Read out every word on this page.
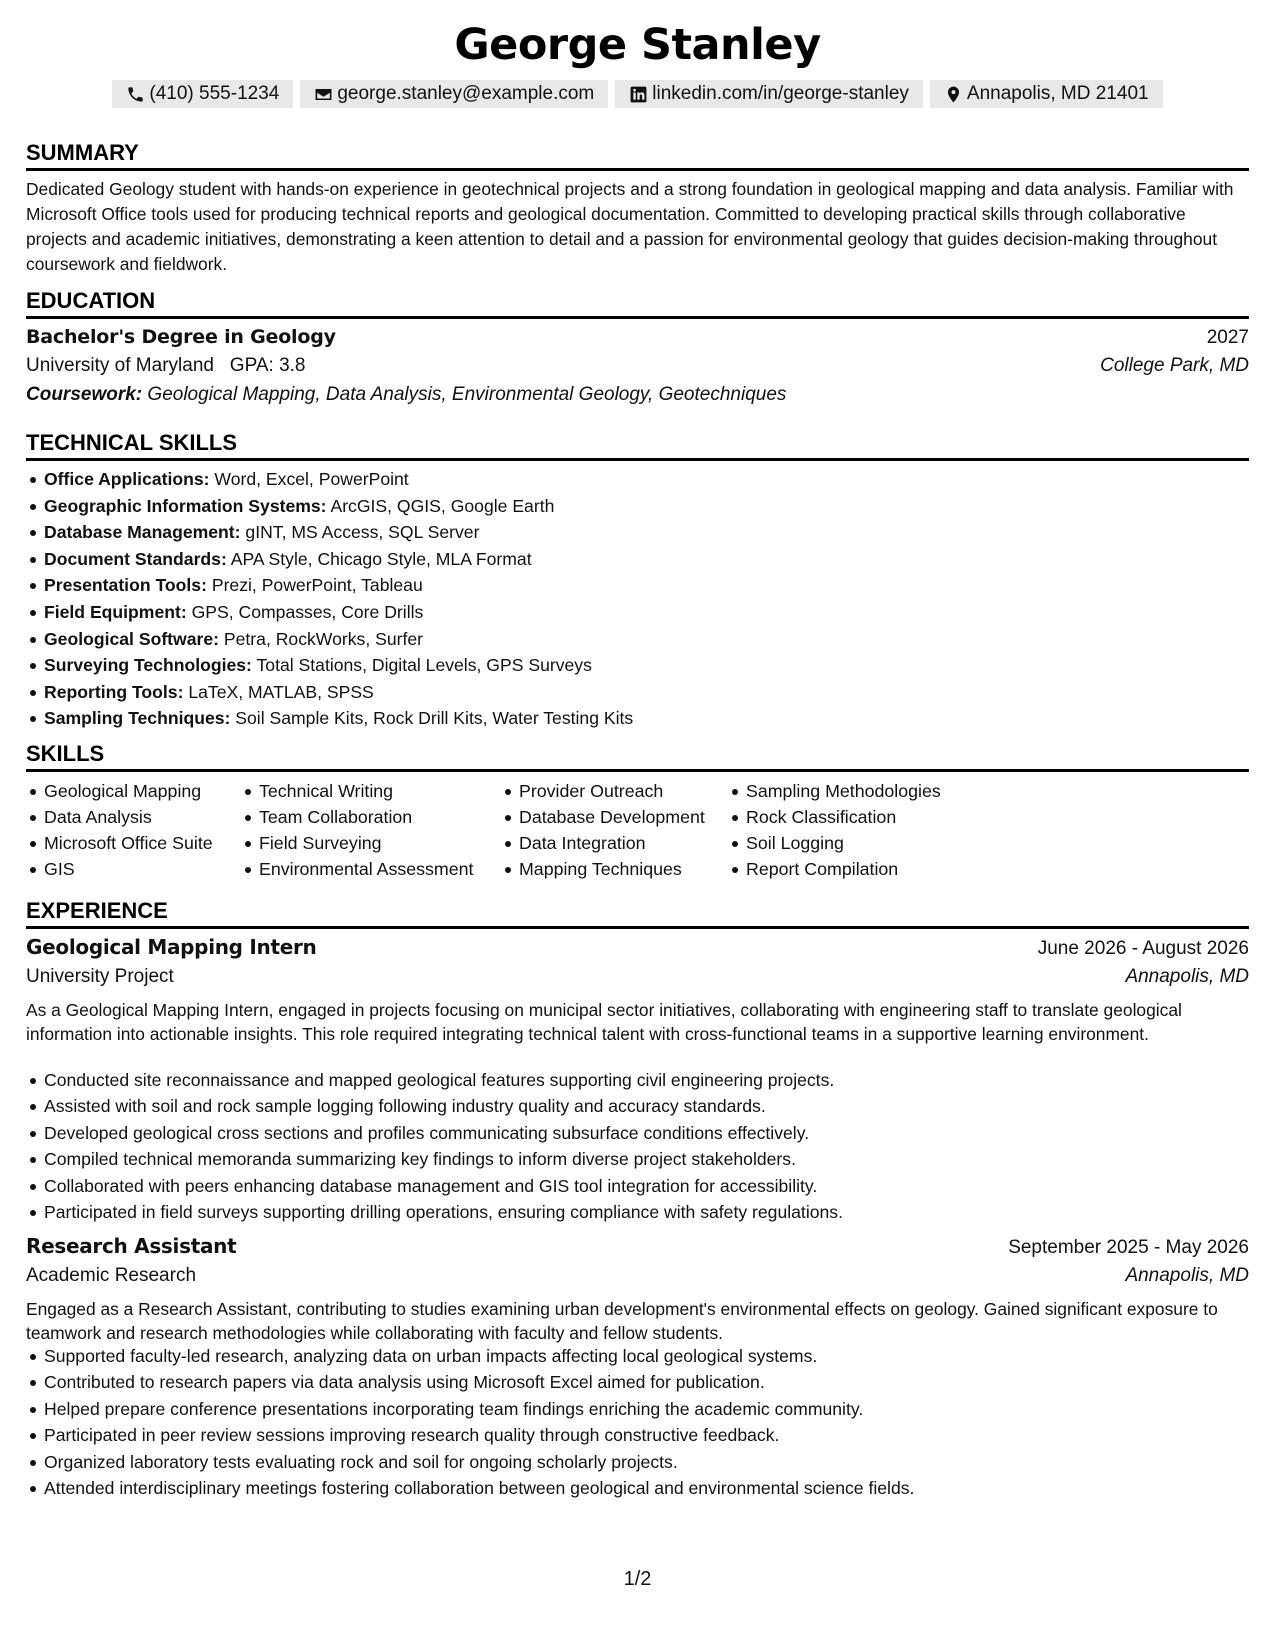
George Stanley
(410) 555-1234	george.stanley@example.com	linkedin.com/in/george-stanley	Annapolis, MD 21401
SUMMARY
Dedicated Geology student with hands-on experience in geotechnical projects and a strong foundation in geological mapping and data analysis. Familiar with Microsoft Office tools used for producing technical reports and geological documentation. Committed to developing practical skills through collaborative projects and academic initiatives, demonstrating a keen attention to detail and a passion for environmental geology that guides decision-making throughout coursework and fieldwork.
EDUCATION
Bachelor's Degree in Geology	2027
University of Maryland GPA: 3.8	College Park, MD
Coursework: Geological Mapping, Data Analysis, Environmental Geology, Geotechniques
TECHNICAL SKILLS
Office Applications: Word, Excel, PowerPoint
Geographic Information Systems: ArcGIS, QGIS, Google Earth
Database Management: gINT, MS Access, SQL Server
Document Standards: APA Style, Chicago Style, MLA Format
Presentation Tools: Prezi, PowerPoint, Tableau
Field Equipment: GPS, Compasses, Core Drills
Geological Software: Petra, RockWorks, Surfer
Surveying Technologies: Total Stations, Digital Levels, GPS Surveys
Reporting Tools: LaTeX, MATLAB, SPSS
Sampling Techniques: Soil Sample Kits, Rock Drill Kits, Water Testing Kits
SKILLS
Geological Mapping
Data Analysis
Microsoft Office Suite
GIS
Technical Writing
Team Collaboration
Field Surveying
Environmental Assessment
Provider Outreach
Database Development
Data Integration
Mapping Techniques
Sampling Methodologies
Rock Classification
Soil Logging
Report Compilation
EXPERIENCE
Geological Mapping Intern	June 2026 - August 2026
University Project	Annapolis, MD
As a Geological Mapping Intern, engaged in projects focusing on municipal sector initiatives, collaborating with engineering staff to translate geological information into actionable insights. This role required integrating technical talent with cross-functional teams in a supportive learning environment.
Conducted site reconnaissance and mapped geological features supporting civil engineering projects.
Assisted with soil and rock sample logging following industry quality and accuracy standards.
Developed geological cross sections and profiles communicating subsurface conditions effectively.
Compiled technical memoranda summarizing key findings to inform diverse project stakeholders.
Collaborated with peers enhancing database management and GIS tool integration for accessibility.
Participated in field surveys supporting drilling operations, ensuring compliance with safety regulations.
Research Assistant	September 2025 - May 2026
Academic Research	Annapolis, MD
Engaged as a Research Assistant, contributing to studies examining urban development's environmental effects on geology. Gained significant exposure to teamwork and research methodologies while collaborating with faculty and fellow students.
Supported faculty-led research, analyzing data on urban impacts affecting local geological systems.
Contributed to research papers via data analysis using Microsoft Excel aimed for publication.
Helped prepare conference presentations incorporating team findings enriching the academic community.
Participated in peer review sessions improving research quality through constructive feedback.
Organized laboratory tests evaluating rock and soil for ongoing scholarly projects.
Attended interdisciplinary meetings fostering collaboration between geological and environmental science fields.
1/2
